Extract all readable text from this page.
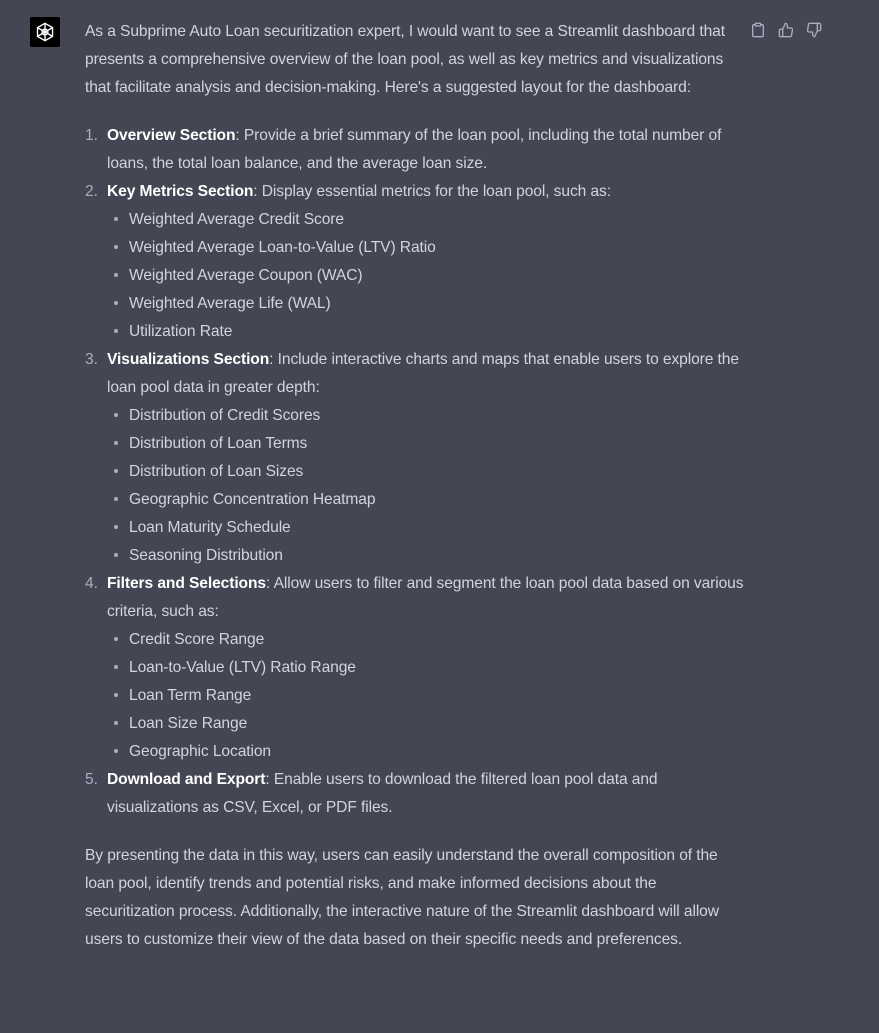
As a Subprime Auto Loan securitization expert, I would want to see a Streamlit dashboard that presents a comprehensive overview of the loan pool, as well as key metrics and visualizations that facilitate analysis and decision-making. Here's a suggested layout for the dashboard:

1. Overview Section: Provide a brief summary of the loan pool, including the total number of loans, the total loan balance, and the average loan size.
2. Key Metrics Section: Display essential metrics for the loan pool, such as:
Weighted Average Credit Score
Weighted Average Loan-to-Value (LTV) Ratio
Weighted Average Coupon (WAC)
Weighted Average Life (WAL)
Utilization Rate
3. Visualizations Section: Include interactive charts and maps that enable users to explore the loan pool data in greater depth:
Distribution of Credit Scores
Distribution of Loan Terms
Distribution of Loan Sizes
Geographic Concentration Heatmap
Loan Maturity Schedule
Seasoning Distribution
4. Filters and Selections: Allow users to filter and segment the loan pool data based on various criteria, such as:
Credit Score Range
Loan-to-Value (LTV) Ratio Range
Loan Term Range
Loan Size Range
Geographic Location
5. Download and Export: Enable users to download the filtered loan pool data and visualizations as CSV, Excel, or PDF files.

By presenting the data in this way, users can easily understand the overall composition of the loan pool, identify trends and potential risks, and make informed decisions about the securitization process. Additionally, the interactive nature of the Streamlit dashboard will allow users to customize their view of the data based on their specific needs and preferences.
